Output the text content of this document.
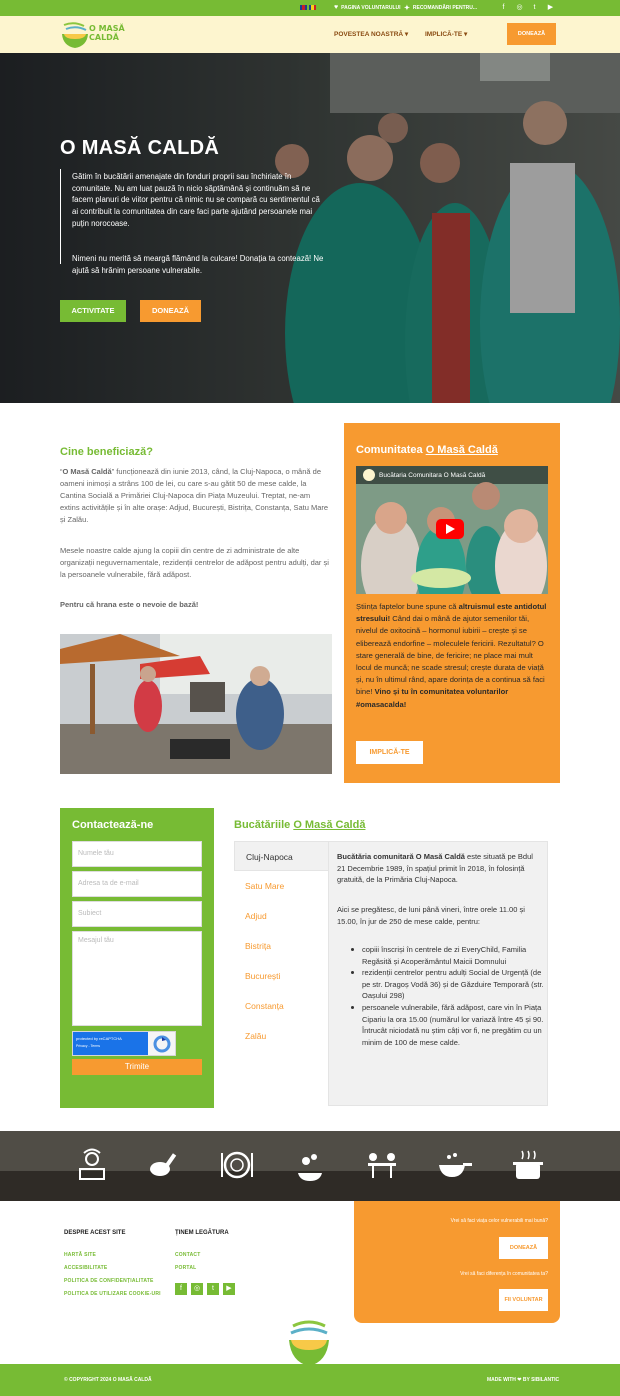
♥ PAGINA VOLUNTARULUI ✦ RECOMANDĂRI PENTRU...	f	◎	t	▶
O MASĂ
CALDĂ	POVESTEA NOASTRĂ ▾	IMPLICĂ-TE ▾	DONEAZĂ
O MASĂ CALDĂ
Gătim în bucătării amenajate din fonduri proprii sau închiriate în comunitate. Nu am luat pauză în nicio săptămână și continuăm să ne facem planuri de viitor pentru că nimic nu se compară cu sentimentul că ai contribuit la comunitatea din care faci parte ajutând persoanele mai puțin norocoase.
Nimeni nu merită să meargă flămând la culcare! Donația ta contează! Ne ajută să hrănim persoane vulnerabile.
ACTIVITATE	DONEAZĂ
Cine beneficiază?
“O Masă Caldă” funcționează din iunie 2013, când, la Cluj-Napoca, o mână de oameni inimoși a strâns 100 de lei, cu care s-au gătit 50 de mese calde, la Cantina Socială a Primăriei Cluj-Napoca din Piața Muzeului. Treptat, ne-am extins activitățile și în alte orașe: Adjud, București, Bistrița, Constanța, Satu Mare și Zalău.
Mesele noastre calde ajung la copiii din centre de zi administrate de alte organizații neguvernamentale, rezidenții centrelor de adăpost pentru adulți, dar și la persoanele vulnerabile, fără adăpost.
Pentru că hrana este o nevoie de bază!
Comunitatea O Masă Caldă
Bucătaria Comunitara O Masă Caldă
Știința faptelor bune spune că altruismul este antidotul stresului! Când dai o mână de ajutor semenilor tăi, nivelul de oxitocină – hormonul iubirii – crește și se eliberează endorfine – moleculele fericirii. Rezultatul? O stare generală de bine, de fericire; ne place mai mult locul de muncă; ne scade stresul; crește durata de viață și, nu în ultimul rând, apare dorința de a continua să faci bine! Vino și tu în comunitatea voluntarilor #omasacalda!
IMPLICĂ-TE
Contactează-ne
Numele tău
Adresa ta de e-mail
Subiect
Mesajul tău
protected by reCAPTCHA
Privacy - Terms
Trimite
Bucătăriile O Masă Caldă
Cluj-Napoca
Satu Mare
Adjud
Bistrița
București
Constanța
Zalău
Bucătăria comunitară O Masă Caldă este situată pe Bdul 21 Decembrie 1989, în spațiul primit în 2018, în folosință gratuită, de la Primăria Cluj-Napoca.
Aici se pregătesc, de luni până vineri, între orele 11.00 și 15.00, în jur de 250 de mese calde, pentru:
copiii înscriși în centrele de zi EveryChild, Familia Regăsită și Acoperământul Maicii Domnului
rezidenții centrelor pentru adulți Social de Urgență (de pe str. Dragoș Vodă 36) și de Găzduire Temporară (str. Oașului 298)
persoanele vulnerabile, fără adăpost, care vin în Piața Cipariu la ora 15.00 (numărul lor variază între 45 și 90. Întrucât niciodată nu știm câți vor fi, ne pregătim cu un minim de 100 de mese calde.
DESPRE ACEST SITE
HARTĂ SITE
ACCESIBILITATE
POLITICA DE CONFIDENȚIALITATE
POLITICA DE UTILIZARE COOKIE-URI
ȚINEM LEGĂTURA
CONTACT
PORTAL
f	◎	t	▶
Vrei să faci viața celor vulnerabili mai bună?
DONEAZĂ
Vrei să faci diferența în comunitatea ta?
FII VOLUNTAR
© COPYRIGHT 2024 O MASĂ CALDĂ	MADE WITH ❤ BY SIBILANTIC
